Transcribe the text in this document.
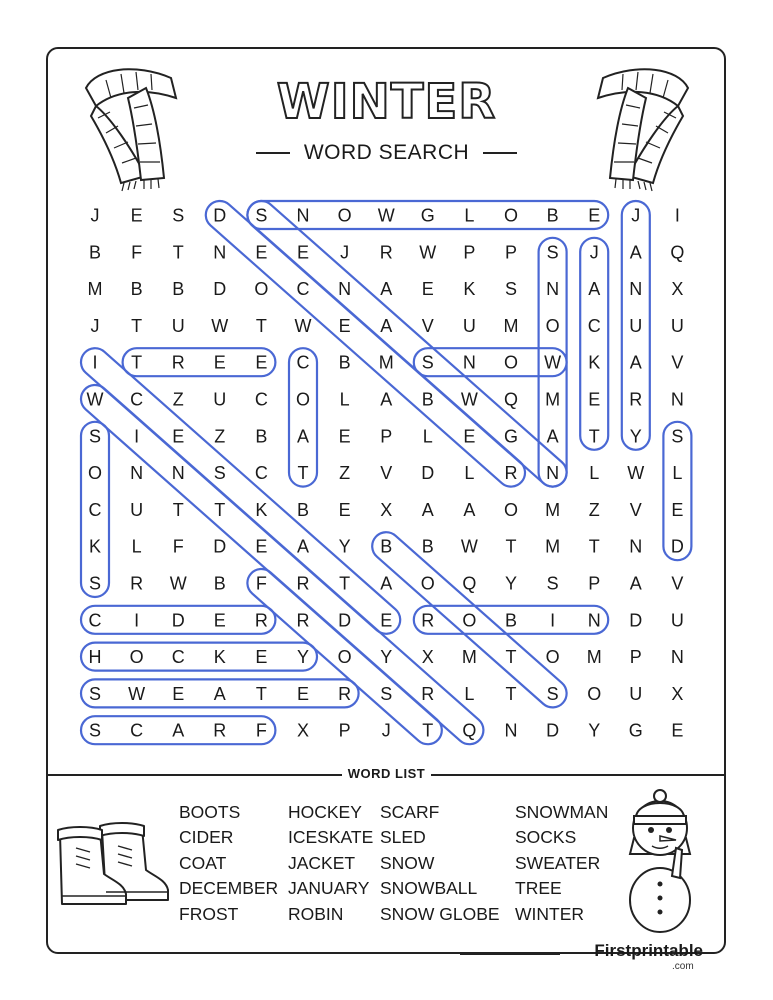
WINTER
WORD SEARCH
J E S D S N O W G L O B E J I
B F T N E E J R W P P S J A Q
M B B D O C N A E K S N A N X
J T U W T W E A V U M O C U U
I T R E E C B M S N O W K A V
W C Z U C O L A B W Q M E R N
S I E Z B A E P L E G A T Y S
O N N S C T Z V D L R N L W L
C U T T K B E X A A O M Z V E
K L F D E A Y B B W T M T N D
S R W B F R T A O Q Y S P A V
C I D E R R D E R O B I N D U
H O C K E Y O Y X M T O M P N
S W E A T E R S R L T S O U X
S C A R F X P J T Q N D Y G E
WORD LIST
BOOTS
CIDER
COAT
DECEMBER
FROST
HOCKEY
ICESKATE
JACKET
JANUARY
ROBIN
SCARF
SLED
SNOW
SNOWBALL
SNOW GLOBE
SNOWMAN
SOCKS
SWEATER
TREE
WINTER
Firstprintable
.com
